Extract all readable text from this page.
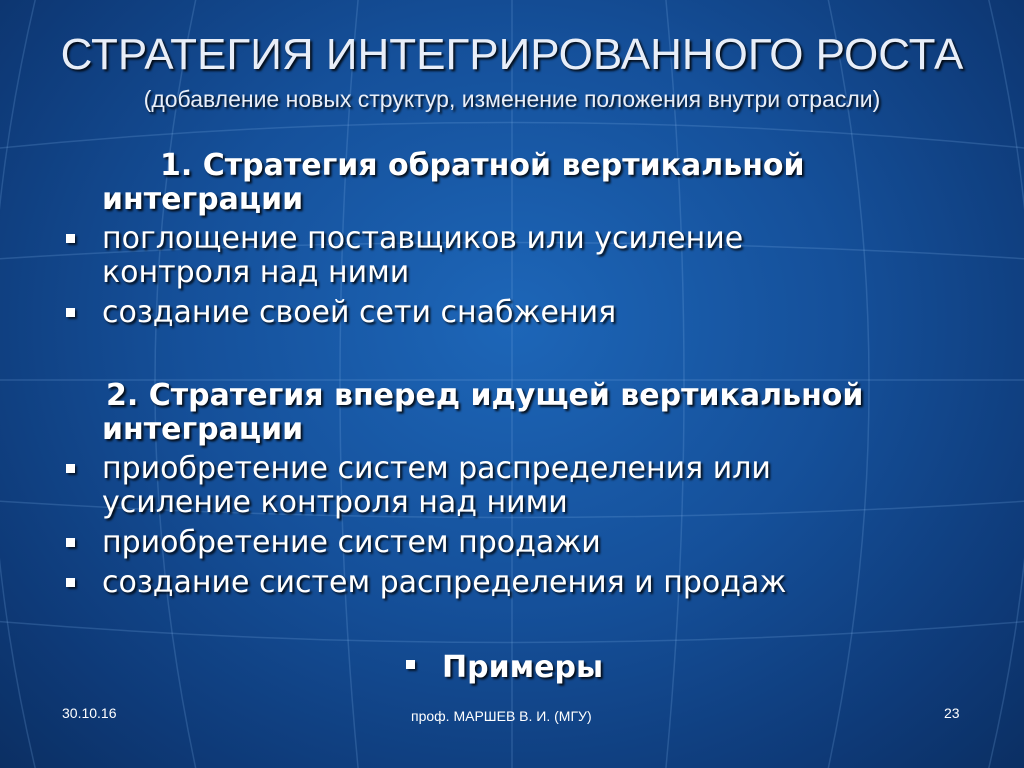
СТРАТЕГИЯ ИНТЕГРИРОВАННОГО РОСТА
(добавление новых структур, изменение положения внутри отрасли)
1. Стратегия обратной вертикальной
интеграции
поглощение поставщиков или усиление
контроля над ними
создание своей сети снабжения
2. Стратегия вперед идущей вертикальной
интеграции
приобретение систем распределения или
усиление контроля над ними
приобретение систем продажи
создание систем распределения и продаж
Примеры
30.10.16	проф. МАРШЕВ В. И. (МГУ)	23
